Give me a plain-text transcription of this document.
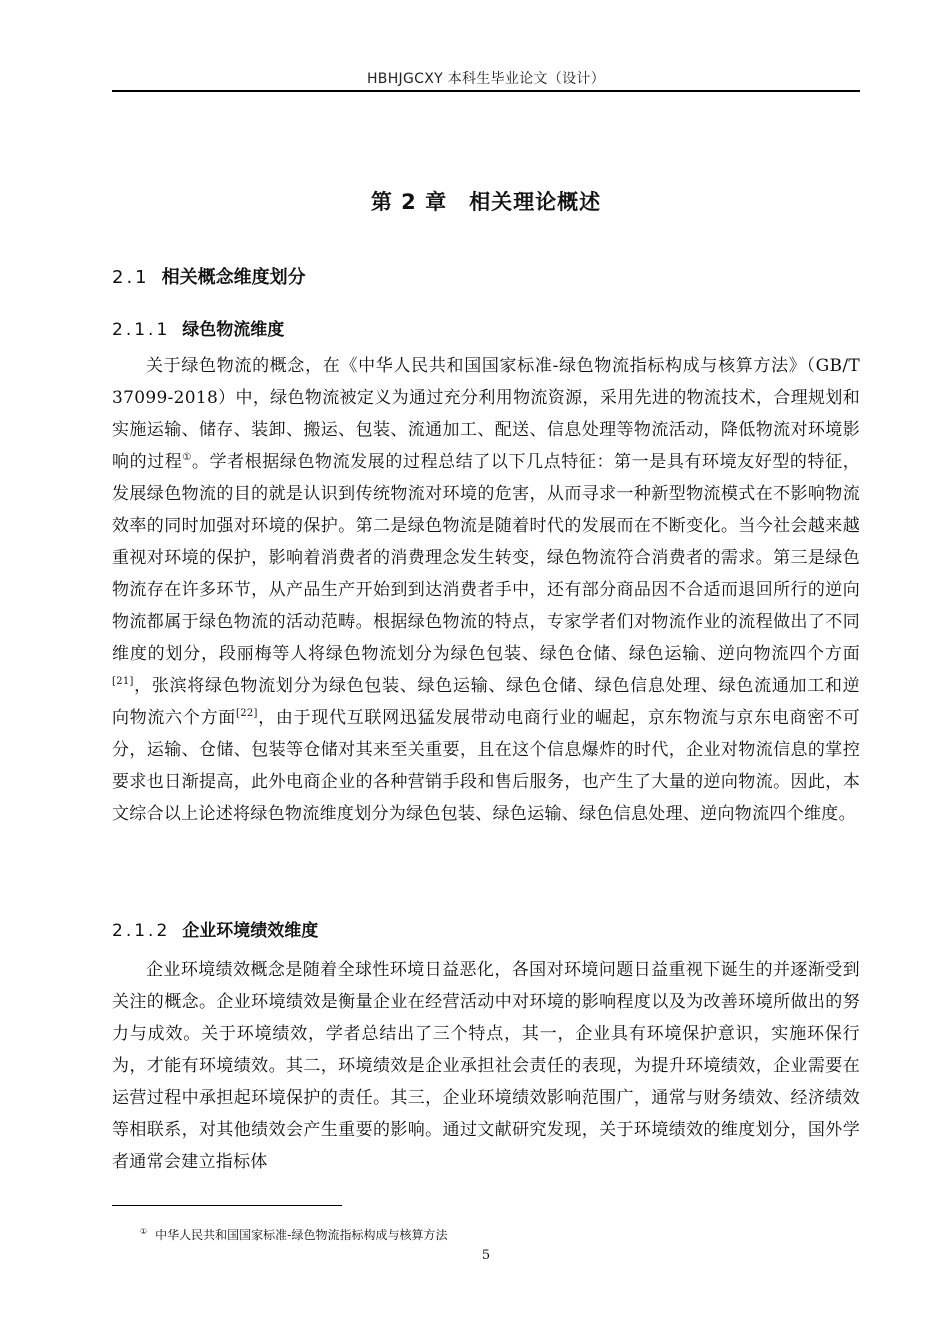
HBHJGCXY 本科生毕业论文（设计）
第 2 章 相关理论概述
2.1 相关概念维度划分
2.1.1 绿色物流维度

关于绿色物流的概念，在《中华人民共和国国家标准-绿色物流指标构成与核算方法》（GB/T 37099-2018）中，绿色物流被定义为通过充分利用物流资源，采用先进的物流技术，合理规划和实施运输、储存、装卸、搬运、包装、流通加工、配送、信息处理等物流活动，降低物流对环境影响的过程①。学者根据绿色物流发展的过程总结了以下几点特征：第一是具有环境友好型的特征，发展绿色物流的目的就是认识到传统物流对环境的危害，从而寻求一种新型物流模式在不影响物流效率的同时加强对环境的保护。第二是绿色物流是随着时代的发展而在不断变化。当今社会越来越重视对环境的保护，影响着消费者的消费理念发生转变，绿色物流符合消费者的需求。第三是绿色物流存在许多环节，从产品生产开始到到达消费者手中，还有部分商品因不合适而退回所行的逆向物流都属于绿色物流的活动范畴。根据绿色物流的特点，专家学者们对物流作业的流程做出了不同维度的划分，段丽梅等人将绿色物流划分为绿色包装、绿色仓储、绿色运输、逆向物流四个方面[21]，张滨将绿色物流划分为绿色包装、绿色运输、绿色仓储、绿色信息处理、绿色流通加工和逆向物流六个方面[22]，由于现代互联网迅猛发展带动电商行业的崛起，京东物流与京东电商密不可分，运输、仓储、包装等仓储对其来至关重要，且在这个信息爆炸的时代，企业对物流信息的掌控要求也日渐提高，此外电商企业的各种营销手段和售后服务，也产生了大量的逆向物流。因此，本文综合以上论述将绿色物流维度划分为绿色包装、绿色运输、绿色信息处理、逆向物流四个维度。

2.1.2 企业环境绩效维度

企业环境绩效概念是随着全球性环境日益恶化，各国对环境问题日益重视下诞生的并逐渐受到关注的概念。企业环境绩效是衡量企业在经营活动中对环境的影响程度以及为改善环境所做出的努力与成效。关于环境绩效，学者总结出了三个特点，其一，企业具有环境保护意识，实施环保行为，才能有环境绩效。其二，环境绩效是企业承担社会责任的表现，为提升环境绩效，企业需要在运营过程中承担起环境保护的责任。其三，企业环境绩效影响范围广，通常与财务绩效、经济绩效等相联系，对其他绩效会产生重要的影响。通过文献研究发现，关于环境绩效的维度划分，国外学者通常会建立指标体

① 中华人民共和国国家标准-绿色物流指标构成与核算方法
5
